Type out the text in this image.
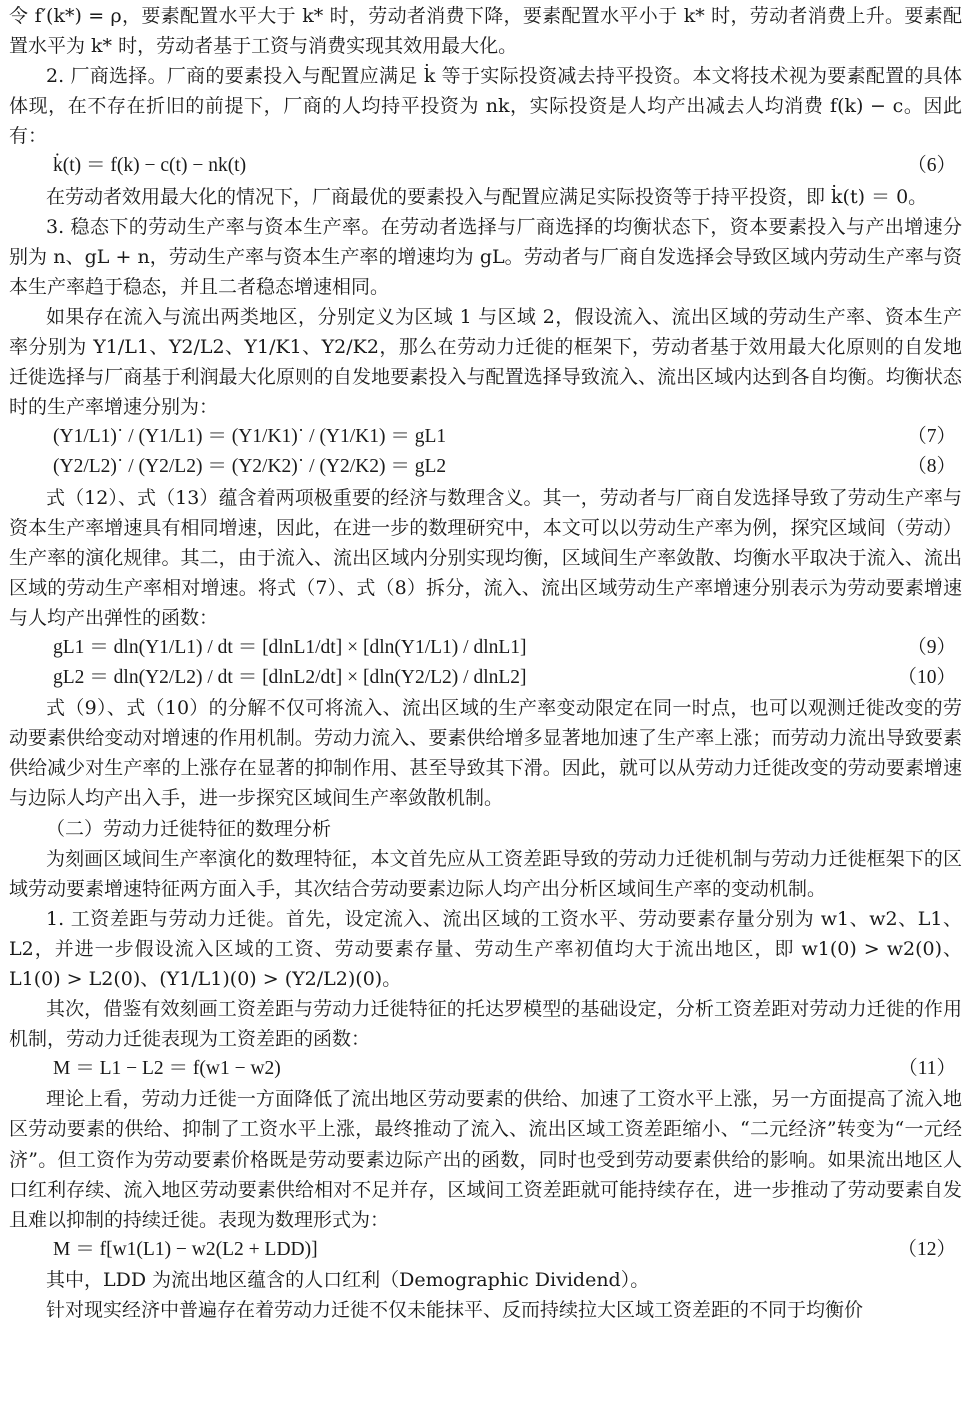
令 f′(k*) = ρ，要素配置水平大于 k* 时，劳动者消费下降，要素配置水平小于 k* 时，劳动者消费上升。要素配置水平为 k* 时，劳动者基于工资与消费实现其效用最大化。

2. 厂商选择。厂商的要素投入与配置应满足 k̇ 等于实际投资减去持平投资。本文将技术视为要素配置的具体体现，在不存在折旧的前提下，厂商的人均持平投资为 nk，实际投资是人均产出减去人均消费 f(k) − c。因此有：

k̇(t) ＝ f(k) − c(t) − nk(t)	（6）

在劳动者效用最大化的情况下，厂商最优的要素投入与配置应满足实际投资等于持平投资，即 k̇(t) ＝ 0。

3. 稳态下的劳动生产率与资本生产率。在劳动者选择与厂商选择的均衡状态下，资本要素投入与产出增速分别为 n、gL + n，劳动生产率与资本生产率的增速均为 gL。劳动者与厂商自发选择会导致区域内劳动生产率与资本生产率趋于稳态，并且二者稳态增速相同。

如果存在流入与流出两类地区，分别定义为区域 1 与区域 2，假设流入、流出区域的劳动生产率、资本生产率分别为 Y1/L1、Y2/L2、Y1/K1、Y2/K2，那么在劳动力迁徙的框架下，劳动者基于效用最大化原则的自发地迁徙选择与厂商基于利润最大化原则的自发地要素投入与配置选择导致流入、流出区域内达到各自均衡。均衡状态时的生产率增速分别为：

(Y1/L1)˙ / (Y1/L1) ＝ (Y1/K1)˙ / (Y1/K1) ＝ gL1	（7）
(Y2/L2)˙ / (Y2/L2) ＝ (Y2/K2)˙ / (Y2/K2) ＝ gL2	（8）

式（12）、式（13）蕴含着两项极重要的经济与数理含义。其一，劳动者与厂商自发选择导致了劳动生产率与资本生产率增速具有相同增速，因此，在进一步的数理研究中，本文可以以劳动生产率为例，探究区域间（劳动）生产率的演化规律。其二，由于流入、流出区域内分别实现均衡，区域间生产率敛散、均衡水平取决于流入、流出区域的劳动生产率相对增速。将式（7）、式（8）拆分，流入、流出区域劳动生产率增速分别表示为劳动要素增速与人均产出弹性的函数：

gL1 ＝ dln(Y1/L1) / dt ＝ [dlnL1/dt] × [dln(Y1/L1) / dlnL1]	（9）
gL2 ＝ dln(Y2/L2) / dt ＝ [dlnL2/dt] × [dln(Y2/L2) / dlnL2]	（10）

式（9）、式（10）的分解不仅可将流入、流出区域的生产率变动限定在同一时点，也可以观测迁徙改变的劳动要素供给变动对增速的作用机制。劳动力流入、要素供给增多显著地加速了生产率上涨；而劳动力流出导致要素供给减少对生产率的上涨存在显著的抑制作用、甚至导致其下滑。因此，就可以从劳动力迁徙改变的劳动要素增速与边际人均产出入手，进一步探究区域间生产率敛散机制。

（二）劳动力迁徙特征的数理分析

为刻画区域间生产率演化的数理特征，本文首先应从工资差距导致的劳动力迁徙机制与劳动力迁徙框架下的区域劳动要素增速特征两方面入手，其次结合劳动要素边际人均产出分析区域间生产率的变动机制。

1. 工资差距与劳动力迁徙。首先，设定流入、流出区域的工资水平、劳动要素存量分别为 w1、w2、L1、L2，并进一步假设流入区域的工资、劳动要素存量、劳动生产率初值均大于流出地区，即 w1(0) > w2(0)、L1(0) > L2(0)、(Y1/L1)(0) > (Y2/L2)(0)。

其次，借鉴有效刻画工资差距与劳动力迁徙特征的托达罗模型的基础设定，分析工资差距对劳动力迁徙的作用机制，劳动力迁徙表现为工资差距的函数：

M ＝ L1 − L2 ＝ f(w1 − w2)	（11）

理论上看，劳动力迁徙一方面降低了流出地区劳动要素的供给、加速了工资水平上涨，另一方面提高了流入地区劳动要素的供给、抑制了工资水平上涨，最终推动了流入、流出区域工资差距缩小、“二元经济”转变为“一元经济”。但工资作为劳动要素价格既是劳动要素边际产出的函数，同时也受到劳动要素供给的影响。如果流出地区人口红利存续、流入地区劳动要素供给相对不足并存，区域间工资差距就可能持续存在，进一步推动了劳动要素自发且难以抑制的持续迁徙。表现为数理形式为：

M ＝ f[w1(L1) − w2(L2 + LDD)]	（12）

其中，LDD 为流出地区蕴含的人口红利（Demographic Dividend）。

针对现实经济中普遍存在着劳动力迁徙不仅未能抹平、反而持续拉大区域工资差距的不同于均衡价
